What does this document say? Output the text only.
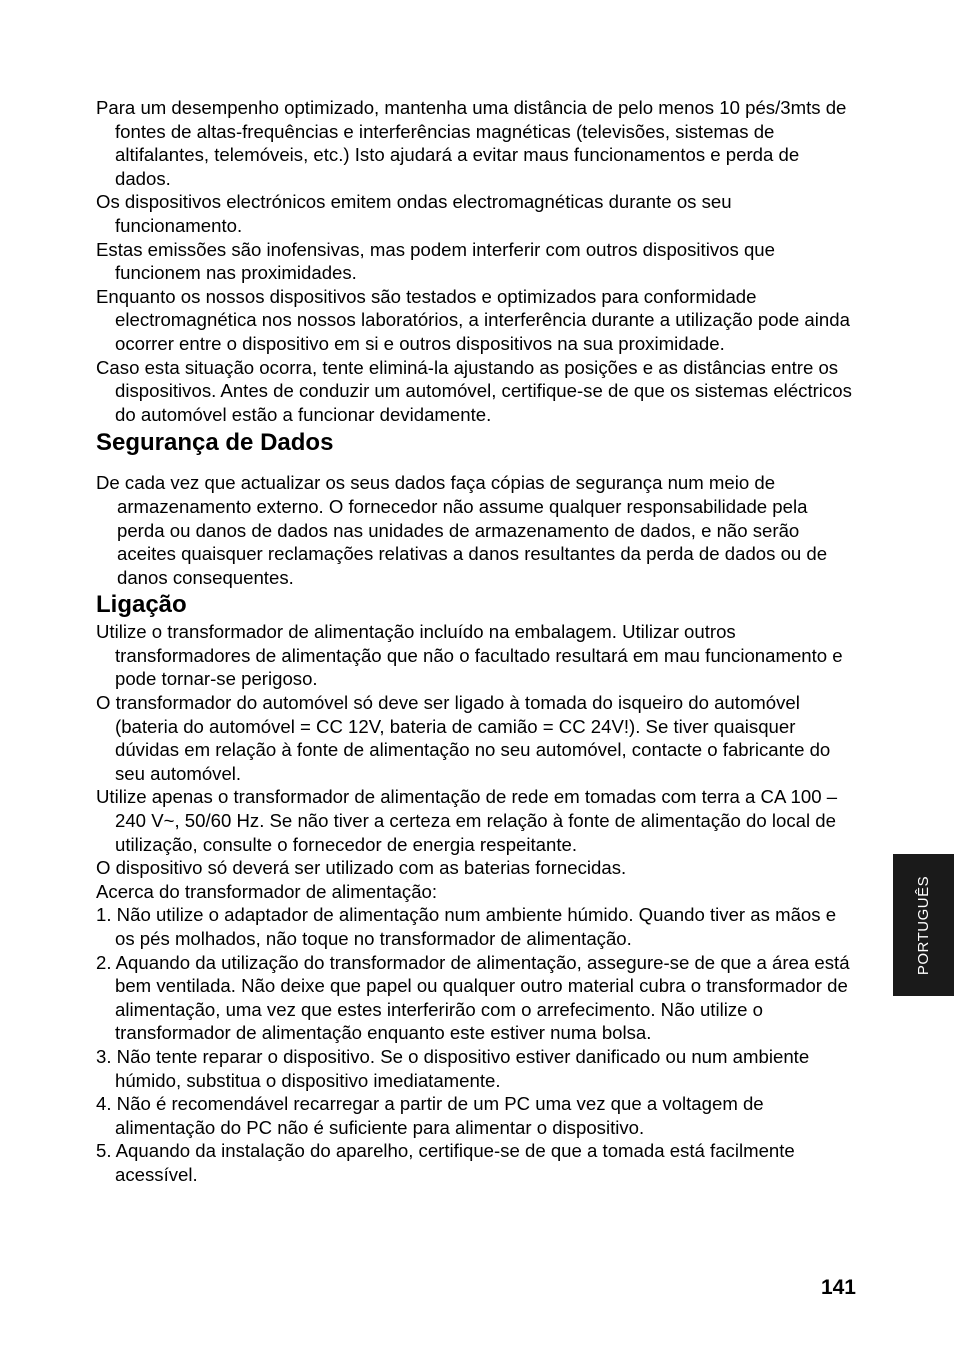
Para um desempenho optimizado, mantenha uma distância de pelo menos 10 pés/3mts de fontes de altas-frequências e interferências magnéticas (televisões, sistemas de altifalantes, telemóveis, etc.) Isto ajudará a evitar maus funcionamentos e perda de dados.

Os dispositivos electrónicos emitem ondas electromagnéticas durante os seu funcionamento.

Estas emissões são inofensivas, mas podem interferir com outros dispositivos que funcionem nas proximidades.

Enquanto os nossos dispositivos são testados e optimizados para conformidade electromagnética nos nossos laboratórios, a interferência durante a utilização pode ainda ocorrer entre o dispositivo em si e outros dispositivos na sua proximidade.

Caso esta situação ocorra, tente eliminá-la ajustando as posições e as distâncias entre os dispositivos. Antes de conduzir um automóvel, certifique-se de que os sistemas eléctricos do automóvel estão a funcionar devidamente.

Segurança de Dados

De cada vez que actualizar os seus dados faça cópias de segurança num meio de armazenamento externo. O fornecedor não assume qualquer responsabilidade pela perda ou danos de dados nas unidades de armazenamento de dados, e não serão aceites quaisquer reclamações relativas a danos resultantes da perda de dados ou de danos consequentes.

Ligação

Utilize o transformador de alimentação incluído na embalagem. Utilizar outros transformadores de alimentação que não o facultado resultará em mau funcionamento e pode tornar-se perigoso.

O transformador do automóvel só deve ser ligado à tomada do isqueiro do automóvel (bateria do automóvel = CC 12V, bateria de camião = CC 24V!). Se tiver quaisquer dúvidas em relação à fonte de alimentação no seu automóvel, contacte o fabricante do seu automóvel.

Utilize apenas o transformador de alimentação de rede em tomadas com terra a CA 100 – 240 V~, 50/60 Hz. Se não tiver a certeza em relação à fonte de alimentação do local de utilização, consulte o fornecedor de energia respeitante.

O dispositivo só deverá ser utilizado com as baterias fornecidas.

Acerca do transformador de alimentação:

1. Não utilize o adaptador de alimentação num ambiente húmido. Quando tiver as mãos e os pés molhados, não toque no transformador de alimentação.

2. Aquando da utilização do transformador de alimentação, assegure-se de que a área está bem ventilada. Não deixe que papel ou qualquer outro material cubra o transformador de alimentação, uma vez que estes interferirão com o arrefecimento. Não utilize o transformador de alimentação enquanto este estiver numa bolsa.

3. Não tente reparar o dispositivo. Se o dispositivo estiver danificado ou num ambiente húmido, substitua o dispositivo imediatamente.

4. Não é recomendável recarregar a partir de um PC uma vez que a voltagem de alimentação do PC não é suficiente para alimentar o dispositivo.

5. Aquando da instalação do aparelho, certifique-se de que a tomada está facilmente acessível.

PORTUGUÊS
141
